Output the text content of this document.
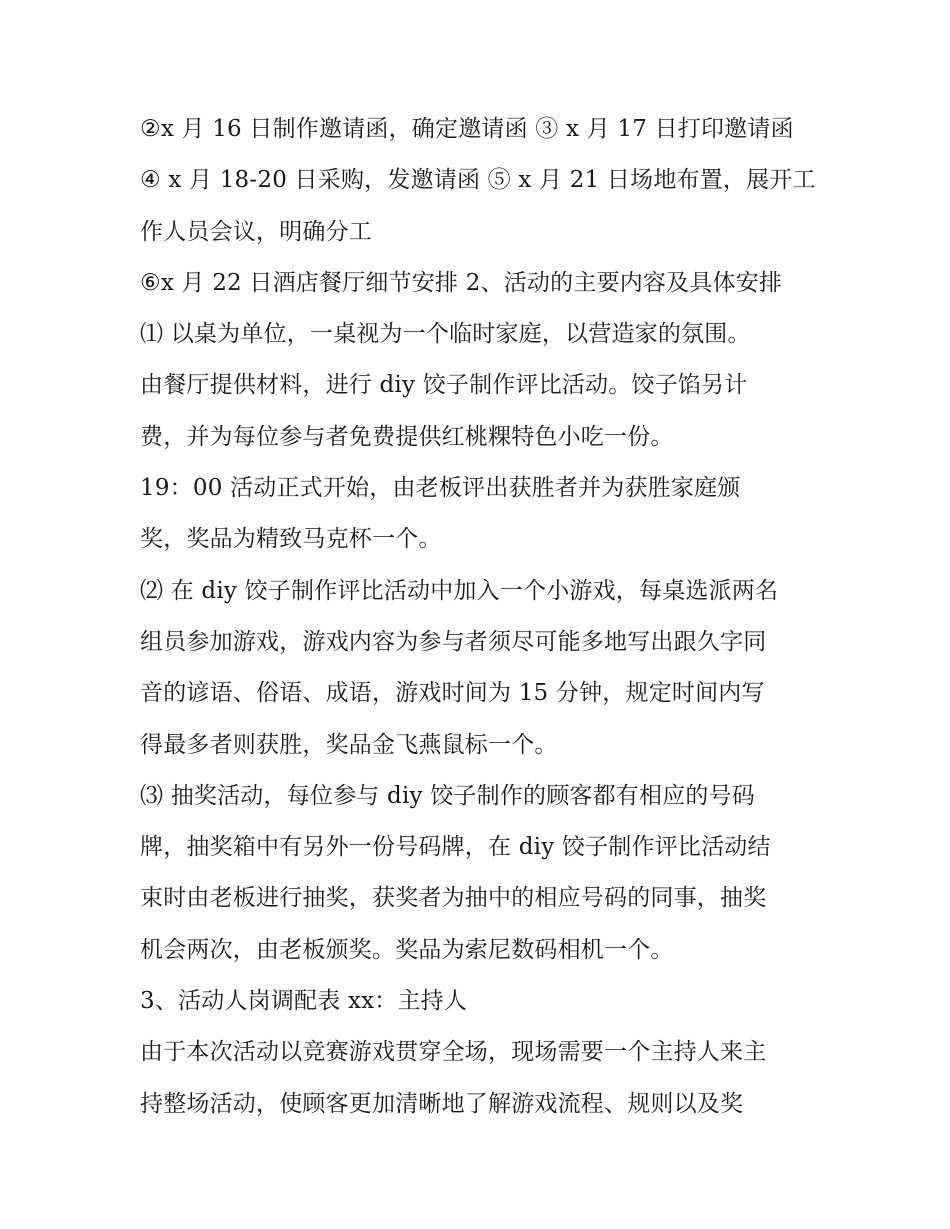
②x 月 16 日制作邀请函，确定邀请函 ③ x 月 17 日打印邀请函
④ x 月 18-20 日采购，发邀请函 ⑤ x 月 21 日场地布置，展开工
作人员会议，明确分工
⑥x 月 22 日酒店餐厅细节安排 2、活动的主要内容及具体安排
⑴ 以桌为单位，一桌视为一个临时家庭，以营造家的氛围。
由餐厅提供材料，进行 diy 饺子制作评比活动。饺子馅另计
费，并为每位参与者免费提供红桃粿特色小吃一份。
19：00 活动正式开始，由老板评出获胜者并为获胜家庭颁
奖，奖品为精致马克杯一个。
⑵ 在 diy 饺子制作评比活动中加入一个小游戏，每桌选派两名
组员参加游戏，游戏内容为参与者须尽可能多地写出跟久字同
音的谚语、俗语、成语，游戏时间为 15 分钟，规定时间内写
得最多者则获胜，奖品金飞燕鼠标一个。
⑶ 抽奖活动，每位参与 diy 饺子制作的顾客都有相应的号码
牌，抽奖箱中有另外一份号码牌，在 diy 饺子制作评比活动结
束时由老板进行抽奖，获奖者为抽中的相应号码的同事，抽奖
机会两次，由老板颁奖。奖品为索尼数码相机一个。
3、活动人岗调配表 xx：主持人
由于本次活动以竞赛游戏贯穿全场，现场需要一个主持人来主
持整场活动，使顾客更加清晰地了解游戏流程、规则以及奖
